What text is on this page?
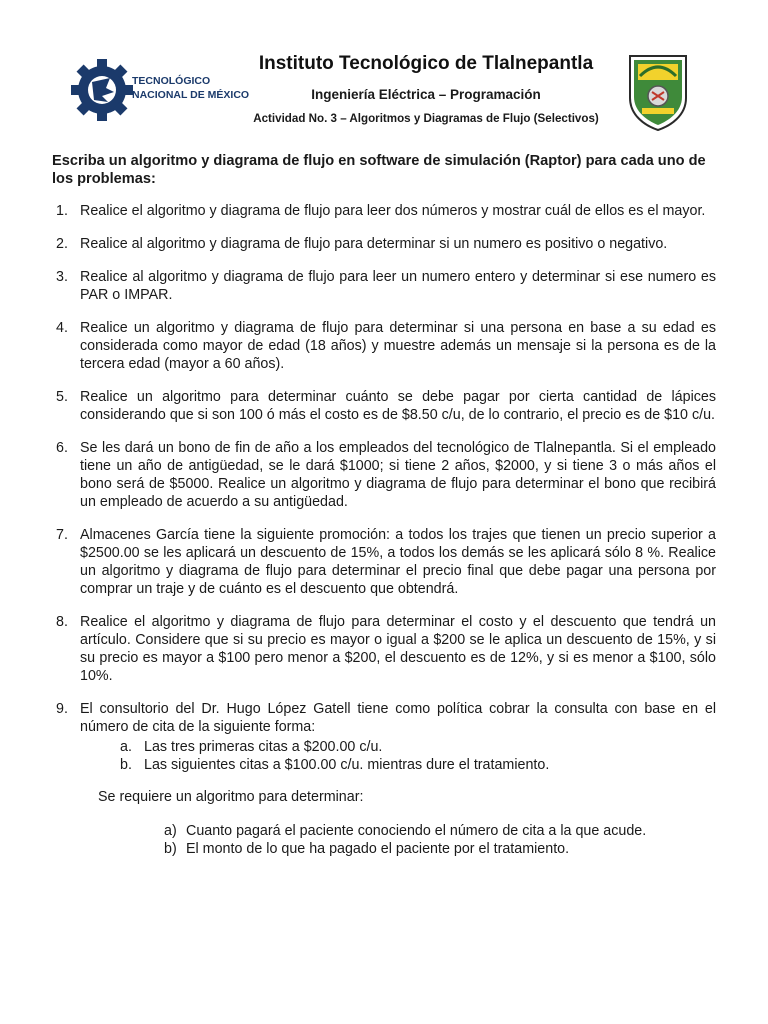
TECNOLÓGICO
NACIONAL DE MÉXICO
Instituto Tecnológico de Tlalnepantla
Ingeniería Eléctrica – Programación
Actividad No. 3 – Algoritmos y Diagramas de Flujo (Selectivos)

Escriba un algoritmo y diagrama de flujo en software de simulación (Raptor) para cada uno de los problemas:

1. Realice el algoritmo y diagrama de flujo para leer dos números y mostrar cuál de ellos es el mayor.
2. Realice al algoritmo y diagrama de flujo para determinar si un numero es positivo o negativo.
3. Realice al algoritmo y diagrama de flujo para leer un numero entero y determinar si ese numero es PAR o IMPAR.
4. Realice un algoritmo y diagrama de flujo para determinar si una persona en base a su edad es considerada como mayor de edad (18 años) y muestre además un mensaje si la persona es de la tercera edad (mayor a 60 años).
5. Realice un algoritmo para determinar cuánto se debe pagar por cierta cantidad de lápices considerando que si son 100 ó más el costo es de $8.50 c/u, de lo contrario, el precio es de $10 c/u.
6. Se les dará un bono de fin de año a los empleados del tecnológico de Tlalnepantla. Si el empleado tiene un año de antigüedad, se le dará $1000; si tiene 2 años, $2000, y si tiene 3 o más años el bono será de $5000. Realice un algoritmo y diagrama de flujo para determinar el bono que recibirá un empleado de acuerdo a su antigüedad.
7. Almacenes García tiene la siguiente promoción: a todos los trajes que tienen un precio superior a $2500.00 se les aplicará un descuento de 15%, a todos los demás se les aplicará sólo 8 %. Realice un algoritmo y diagrama de flujo para determinar el precio final que debe pagar una persona por comprar un traje y de cuánto es el descuento que obtendrá.
8. Realice el algoritmo y diagrama de flujo para determinar el costo y el descuento que tendrá un artículo. Considere que si su precio es mayor o igual a $200 se le aplica un descuento de 15%, y si su precio es mayor a $100 pero menor a $200, el descuento es de 12%, y si es menor a $100, sólo 10%.
9. El consultorio del Dr. Hugo López Gatell tiene como política cobrar la consulta con base en el número de cita de la siguiente forma:
a. Las tres primeras citas a $200.00 c/u.
b. Las siguientes citas a $100.00 c/u. mientras dure el tratamiento.

Se requiere un algoritmo para determinar:

a) Cuanto pagará el paciente conociendo el número de cita a la que acude.
b) El monto de lo que ha pagado el paciente por el tratamiento.
